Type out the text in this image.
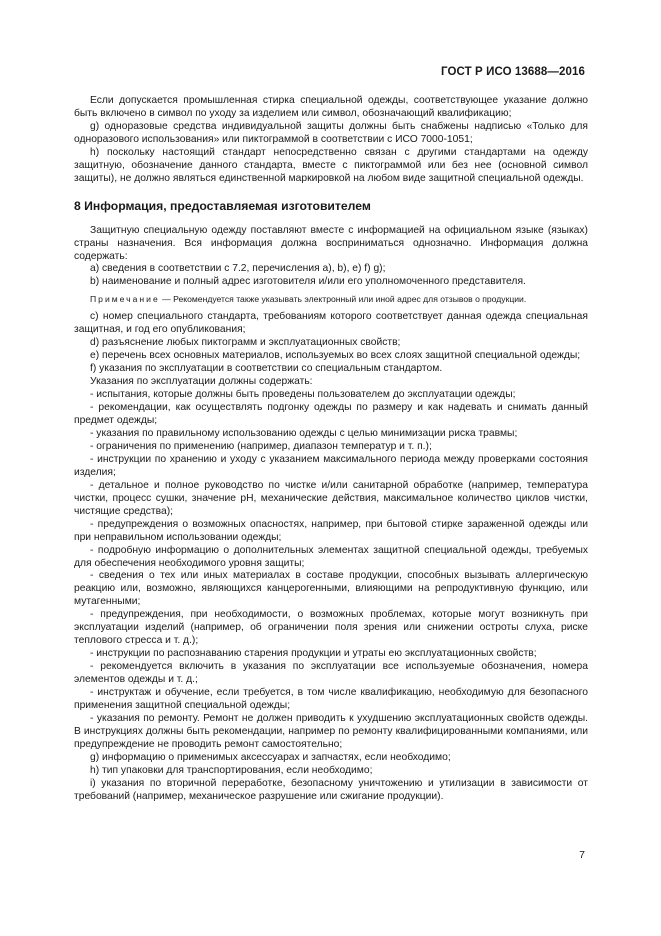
ГОСТ Р ИСО 13688—2016

Если допускается промышленная стирка специальной одежды, соответствующее указание должно быть включено в символ по уходу за изделием или символ, обозначающий квалификацию;

g) одноразовые средства индивидуальной защиты должны быть снабжены надписью «Только для одноразового использования» или пиктограммой в соответствии с ИСО 7000-1051;

h) поскольку настоящий стандарт непосредственно связан с другими стандартами на одежду защитную, обозначение данного стандарта, вместе с пиктограммой или без нее (основной символ защиты), не должно являться единственной маркировкой на любом виде защитной специальной одежды.

8 Информация, предоставляемая изготовителем

Защитную специальную одежду поставляют вместе с информацией на официальном языке (языках) страны назначения. Вся информация должна восприниматься однозначно. Информация должна содержать:

a) сведения в соответствии с 7.2, перечисления a), b), e) f) g);

b) наименование и полный адрес изготовителя и/или его уполномоченного представителя.

Примечание — Рекомендуется также указывать электронный или иной адрес для отзывов о продукции.

c) номер специального стандарта, требованиям которого соответствует данная одежда специальная защитная, и год его опубликования;

d) разъяснение любых пиктограмм и эксплуатационных свойств;

e) перечень всех основных материалов, используемых во всех слоях защитной специальной одежды;

f) указания по эксплуатации в соответствии со специальным стандартом.

Указания по эксплуатации должны содержать:

- испытания, которые должны быть проведены пользователем до эксплуатации одежды;

- рекомендации, как осуществлять подгонку одежды по размеру и как надевать и снимать данный предмет одежды;

- указания по правильному использованию одежды с целью минимизации риска травмы;

- ограничения по применению (например, диапазон температур и т. п.);

- инструкции по хранению и уходу с указанием максимального периода между проверками состояния изделия;

- детальное и полное руководство по чистке и/или санитарной обработке (например, температура чистки, процесс сушки, значение pH, механические действия, максимальное количество циклов чистки, чистящие средства);

- предупреждения о возможных опасностях, например, при бытовой стирке зараженной одежды или при неправильном использовании одежды;

- подробную информацию о дополнительных элементах защитной специальной одежды, требуемых для обеспечения необходимого уровня защиты;

- сведения о тех или иных материалах в составе продукции, способных вызывать аллергическую реакцию или, возможно, являющихся канцерогенными, влияющими на репродуктивную функцию, или мутагенными;

- предупреждения, при необходимости, о возможных проблемах, которые могут возникнуть при эксплуатации изделий (например, об ограничении поля зрения или снижении остроты слуха, риске теплового стресса и т. д.);

- инструкции по распознаванию старения продукции и утраты ею эксплуатационных свойств;

- рекомендуется включить в указания по эксплуатации все используемые обозначения, номера элементов одежды и т. д.;

- инструктаж и обучение, если требуется, в том числе квалификацию, необходимую для безопасного применения защитной специальной одежды;

- указания по ремонту. Ремонт не должен приводить к ухудшению эксплуатационных свойств одежды. В инструкциях должны быть рекомендации, например по ремонту квалифицированными компаниями, или предупреждение не проводить ремонт самостоятельно;

g) информацию о применимых аксессуарах и запчастях, если необходимо;

h) тип упаковки для транспортирования, если необходимо;

i) указания по вторичной переработке, безопасному уничтожению и утилизации в зависимости от требований (например, механическое разрушение или сжигание продукции).

7
